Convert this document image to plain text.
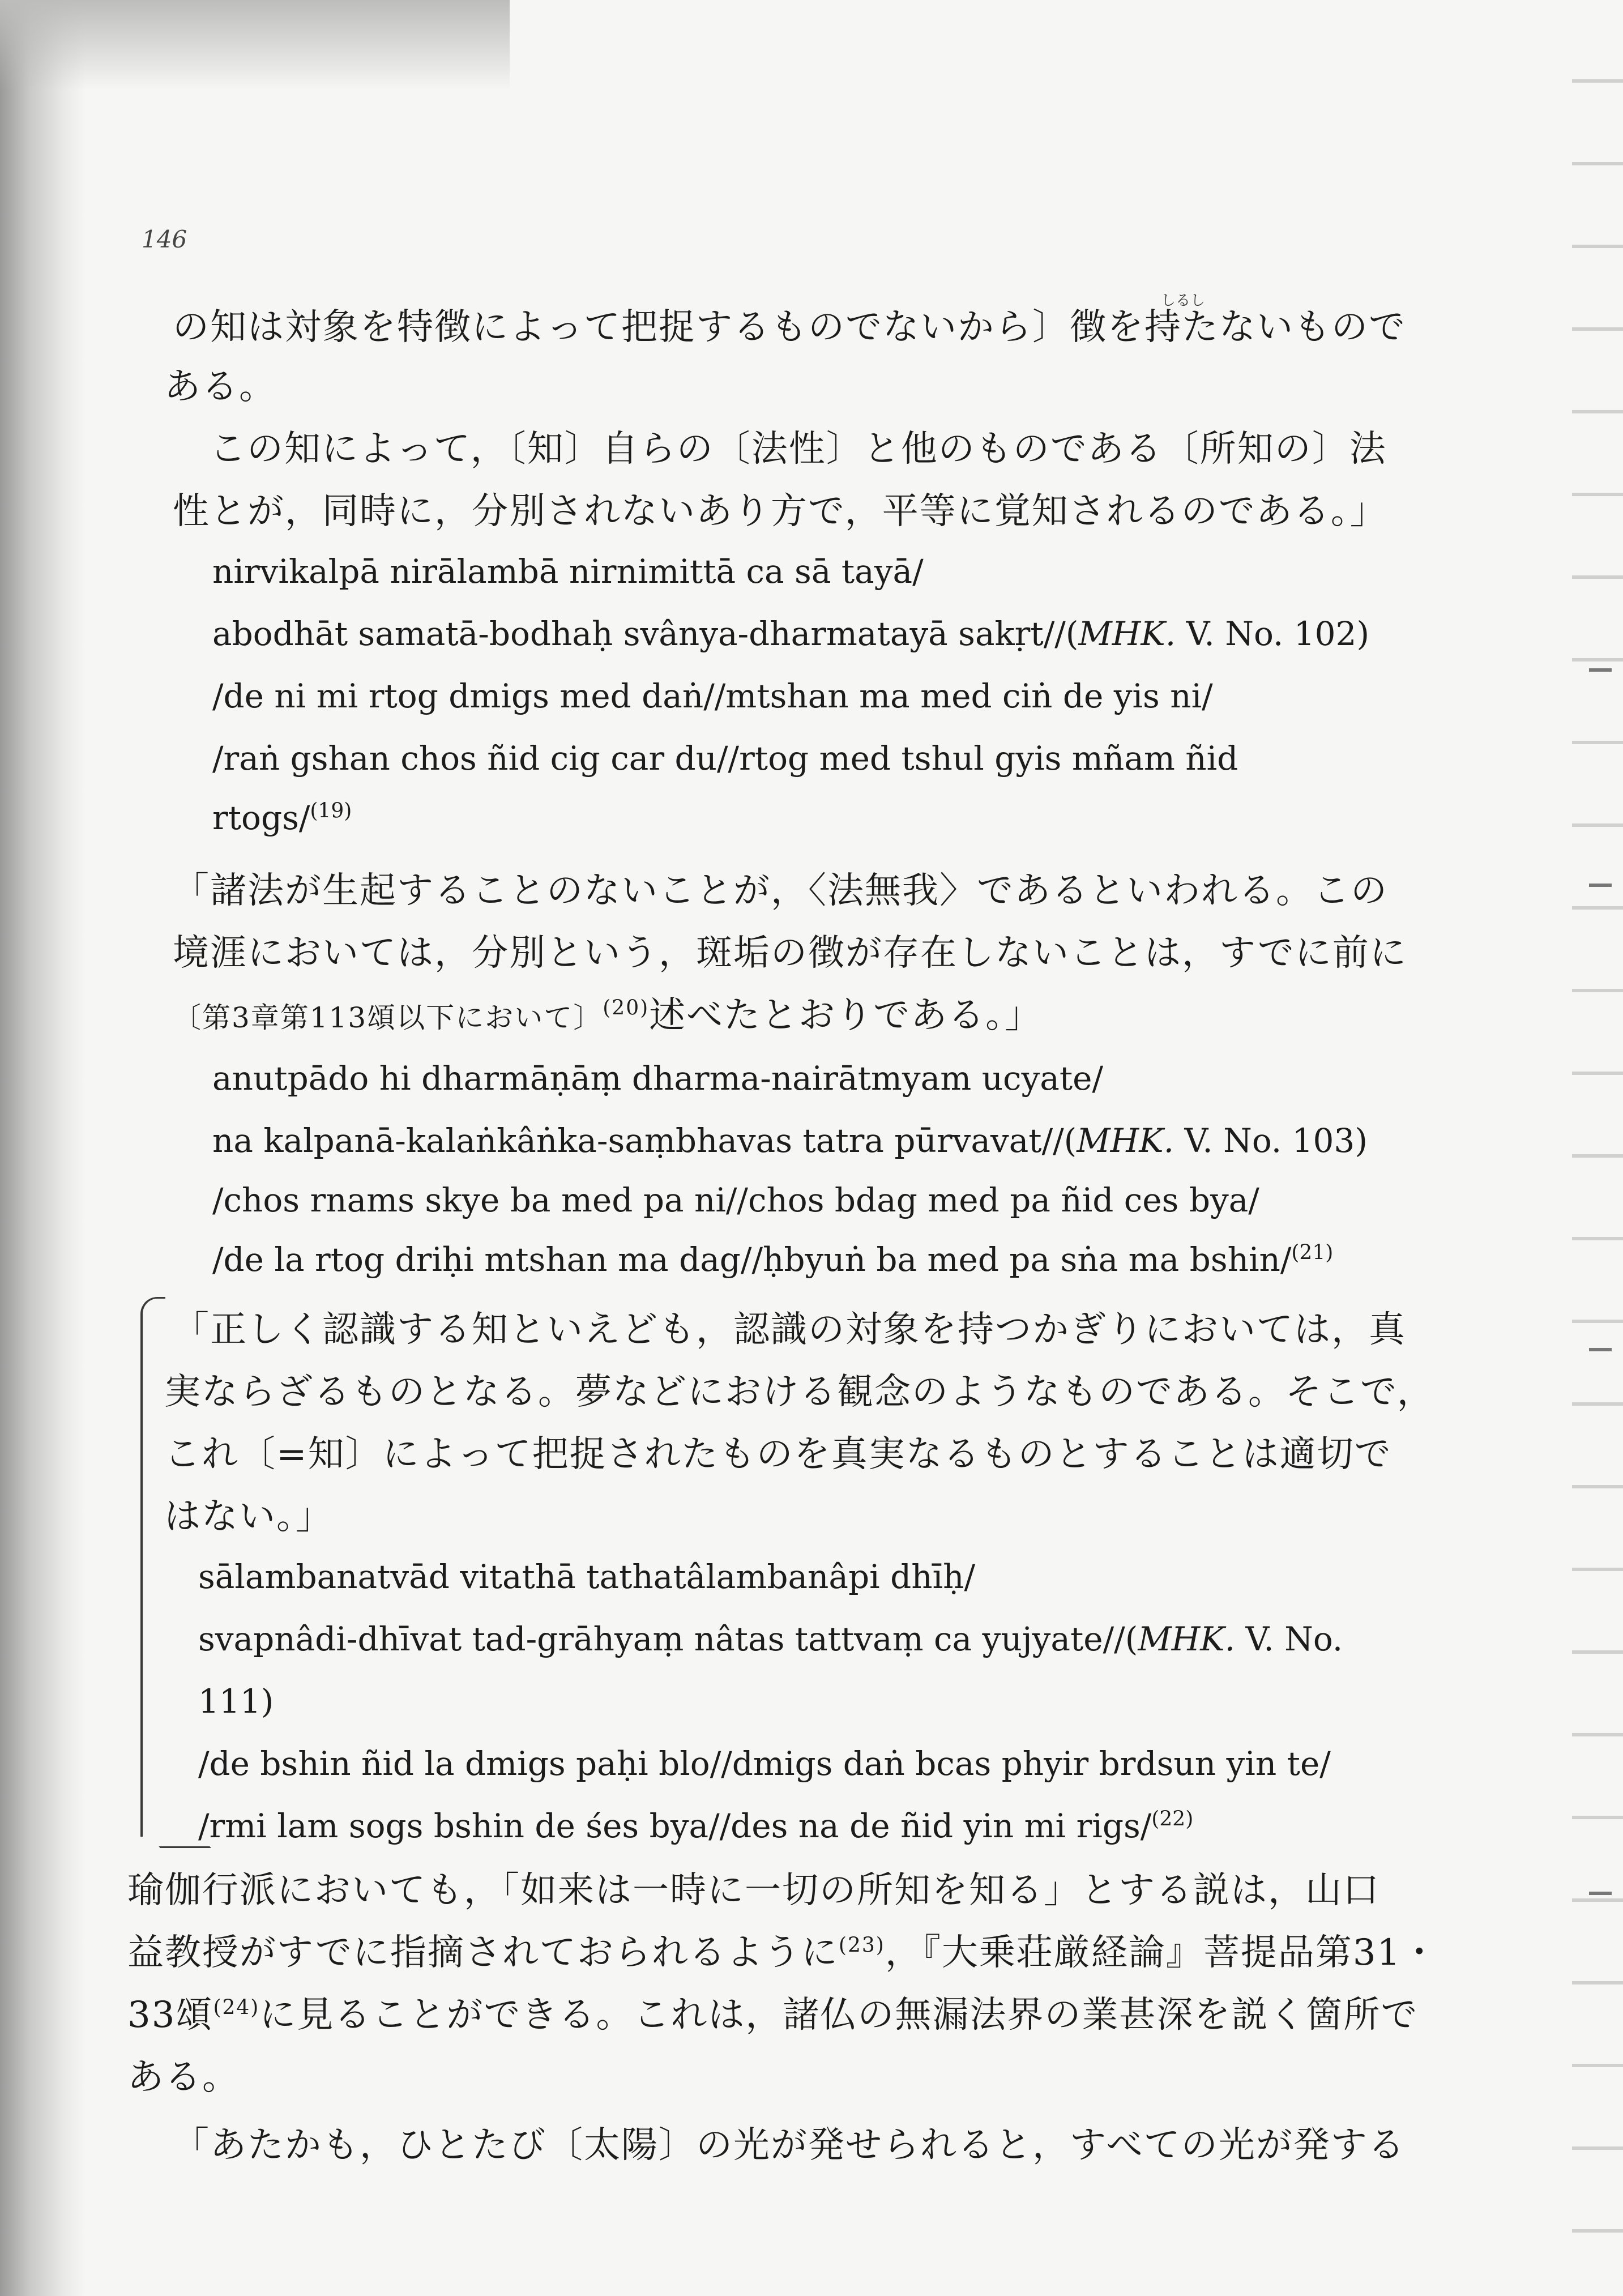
146
しるし
の知は対象を特徴によって把捉するものでないから〕徴を持たないもので
ある。
この知によって，〔知〕自らの〔法性〕と他のものである〔所知の〕法
性とが，同時に，分別されないあり方で，平等に覚知されるのである。」
nirvikalpā nirālambā nirnimittā ca sā tayā/
abodhāt samatā-bodhaḥ svânya-dharmatayā sakṛt//(MHK. V. No. 102)
/de ni mi rtog dmigs med daṅ//mtshan ma med ciṅ de yis ni/
/raṅ gshan chos ñid cig car du//rtog med tshul gyis mñam ñid
rtogs/$^{(19)}$
「諸法が生起することのないことが，〈法無我〉であるといわれる。この
境涯においては，分別という，斑垢の徴が存在しないことは，すでに前に
〔第3章第113頌以下において〕$^{(20)}$述べたとおりである。」
anutpādo hi dharmāṇāṃ dharma-nairātmyam ucyate/
na kalpanā-kalaṅkâṅka-saṃbhavas tatra pūrvavat//(MHK. V. No. 103)
/chos rnams skye ba med pa ni//chos bdag med pa ñid ces bya/
/de la rtog driḥi mtshan ma dag//ḥbyuṅ ba med pa sṅa ma bshin/$^{(21)}$
「正しく認識する知といえども，認識の対象を持つかぎりにおいては，真
実ならざるものとなる。夢などにおける観念のようなものである。そこで，
これ〔=知〕によって把捉されたものを真実なるものとすることは適切で
はない。」
sālambanatvād vitathā tathatâlambanâpi dhīḥ/
svapnâdi-dhīvat tad-grāhyaṃ nâtas tattvaṃ ca yujyate//(MHK. V. No.
111)
/de bshin ñid la dmigs paḥi blo//dmigs daṅ bcas phyir brdsun yin te/
/rmi lam sogs bshin de śes bya//des na de ñid yin mi rigs/$^{(22)}$
瑜伽行派においても，「如来は一時に一切の所知を知る」とする説は，山口
益教授がすでに指摘されておられるように$^{(23)}$，『大乗荘厳経論』菩提品第31・
33頌$^{(24)}$に見ることができる。これは，諸仏の無漏法界の業甚深を説く箇所で
ある。
「あたかも，ひとたび〔太陽〕の光が発せられると，すべての光が発する
